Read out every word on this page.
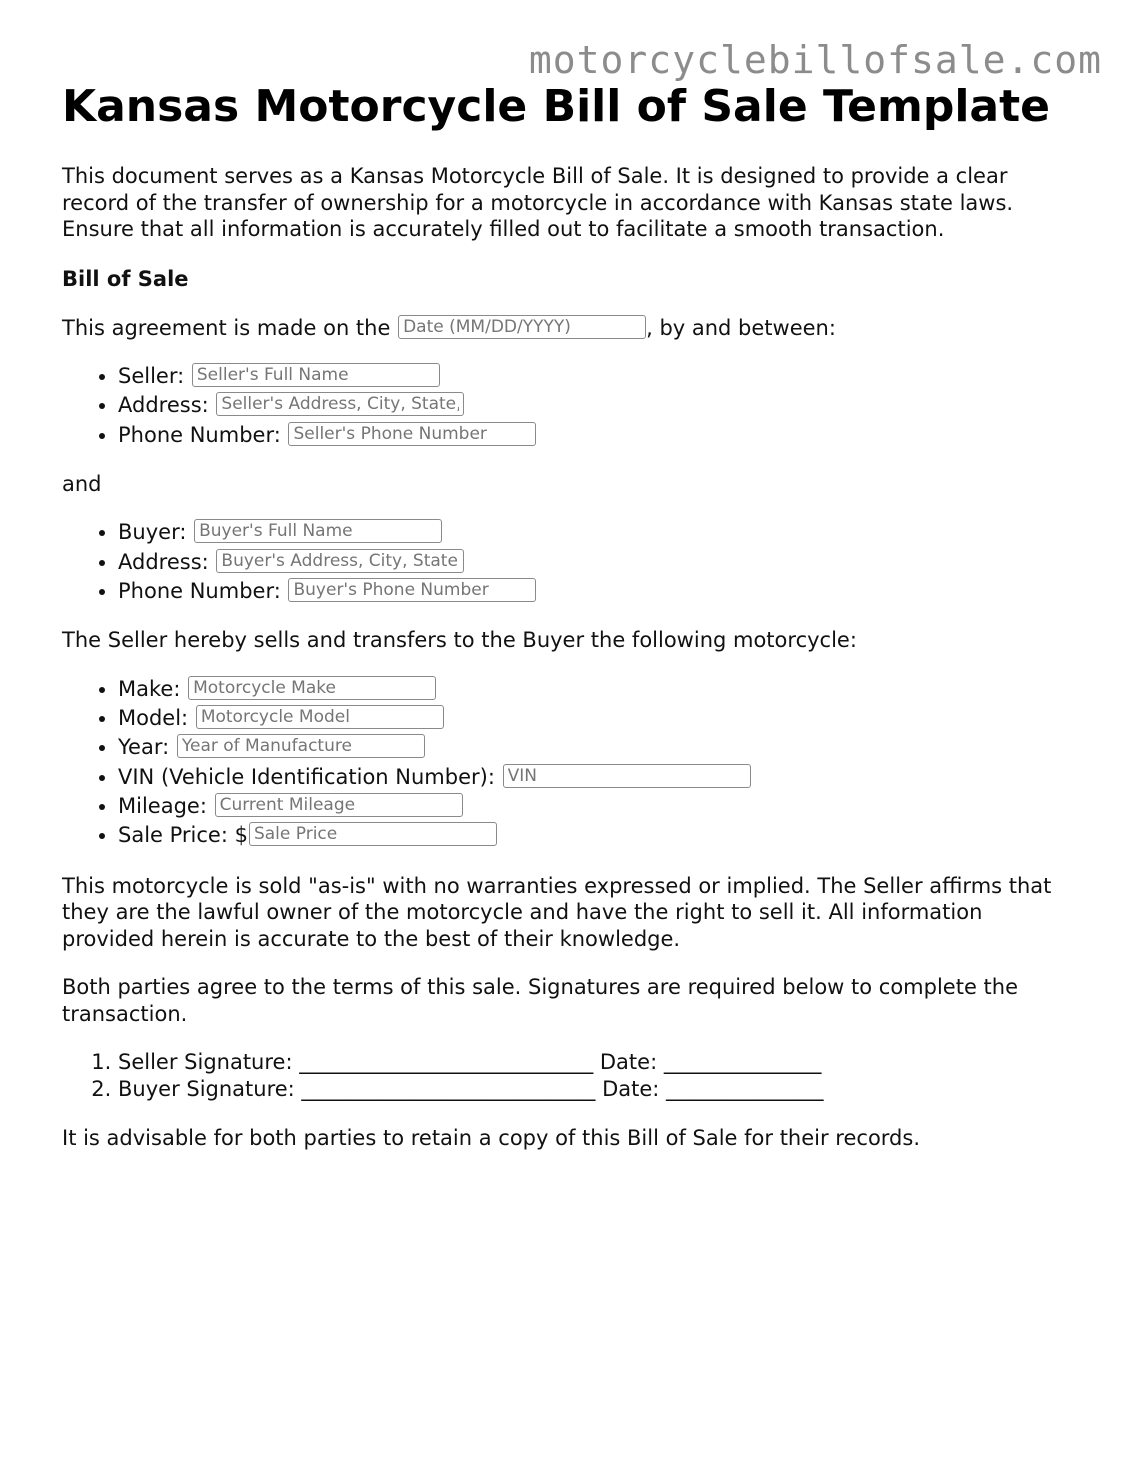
motorcyclebillofsale.com
Kansas Motorcycle Bill of Sale Template

This document serves as a Kansas Motorcycle Bill of Sale. It is designed to provide a clear record of the transfer of ownership for a motorcycle in accordance with Kansas state laws. Ensure that all information is accurately filled out to facilitate a smooth transaction.

Bill of Sale

This agreement is made on the Date (MM/DD/YYYY)	, by and between:

• Seller: Seller's Full Name
• Address: Seller's Address, City, State, ZIP
• Phone Number: Seller's Phone Number

and

• Buyer: Buyer's Full Name
• Address: Buyer's Address, City, State, ZIP
• Phone Number: Buyer's Phone Number

The Seller hereby sells and transfers to the Buyer the following motorcycle:

• Make: Motorcycle Make
• Model: Motorcycle Model
• Year: Year of Manufacture
• VIN (Vehicle Identification Number): VIN
• Mileage: Current Mileage
• Sale Price: $Sale Price

This motorcycle is sold "as-is" with no warranties expressed or implied. The Seller affirms that they are the lawful owner of the motorcycle and have the right to sell it. All information provided herein is accurate to the best of their knowledge.

Both parties agree to the terms of this sale. Signatures are required below to complete the transaction.

1. Seller Signature: ____________________________ Date: _______________
2. Buyer Signature: ____________________________ Date: _______________

It is advisable for both parties to retain a copy of this Bill of Sale for their records.
